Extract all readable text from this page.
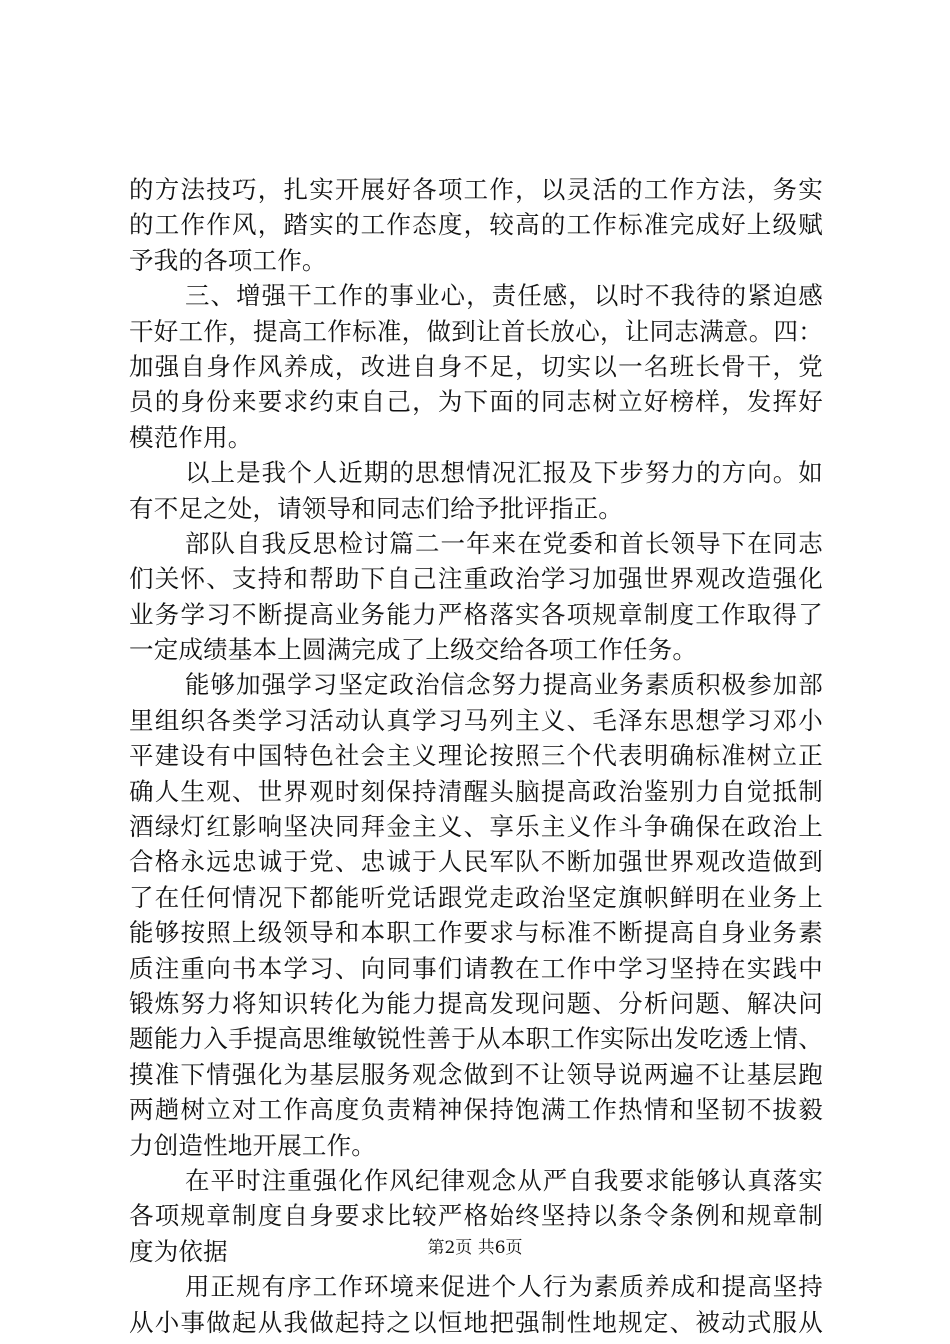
的方法技巧，扎实开展好各项工作，以灵活的工作方法，务实
的工作作风，踏实的工作态度，较高的工作标准完成好上级赋
予我的各项工作。
三、增强干工作的事业心，责任感，以时不我待的紧迫感
干好工作，提高工作标准，做到让首长放心，让同志满意。四：
加强自身作风养成，改进自身不足，切实以一名班长骨干，党
员的身份来要求约束自己，为下面的同志树立好榜样，发挥好
模范作用。
以上是我个人近期的思想情况汇报及下步努力的方向。如
有不足之处，请领导和同志们给予批评指正。
部队自我反思检讨篇二一年来在党委和首长领导下在同志
们关怀、支持和帮助下自己注重政治学习加强世界观改造强化
业务学习不断提高业务能力严格落实各项规章制度工作取得了
一定成绩基本上圆满完成了上级交给各项工作任务。
能够加强学习坚定政治信念努力提高业务素质积极参加部
里组织各类学习活动认真学习马列主义、毛泽东思想学习邓小
平建设有中国特色社会主义理论按照三个代表明确标准树立正
确人生观、世界观时刻保持清醒头脑提高政治鉴别力自觉抵制
酒绿灯红影响坚决同拜金主义、享乐主义作斗争确保在政治上
合格永远忠诚于党、忠诚于人民军队不断加强世界观改造做到
了在任何情况下都能听党话跟党走政治坚定旗帜鲜明在业务上
能够按照上级领导和本职工作要求与标准不断提高自身业务素
质注重向书本学习、向同事们请教在工作中学习坚持在实践中
锻炼努力将知识转化为能力提高发现问题、分析问题、解决问
题能力入手提高思维敏锐性善于从本职工作实际出发吃透上情、
摸准下情强化为基层服务观念做到不让领导说两遍不让基层跑
两趟树立对工作高度负责精神保持饱满工作热情和坚韧不拔毅
力创造性地开展工作。
在平时注重强化作风纪律观念从严自我要求能够认真落实
各项规章制度自身要求比较严格始终坚持以条令条例和规章制
度为依据
用正规有序工作环境来促进个人行为素质养成和提高坚持
从小事做起从我做起持之以恒地把强制性地规定、被动式服从
第2页 共6页
